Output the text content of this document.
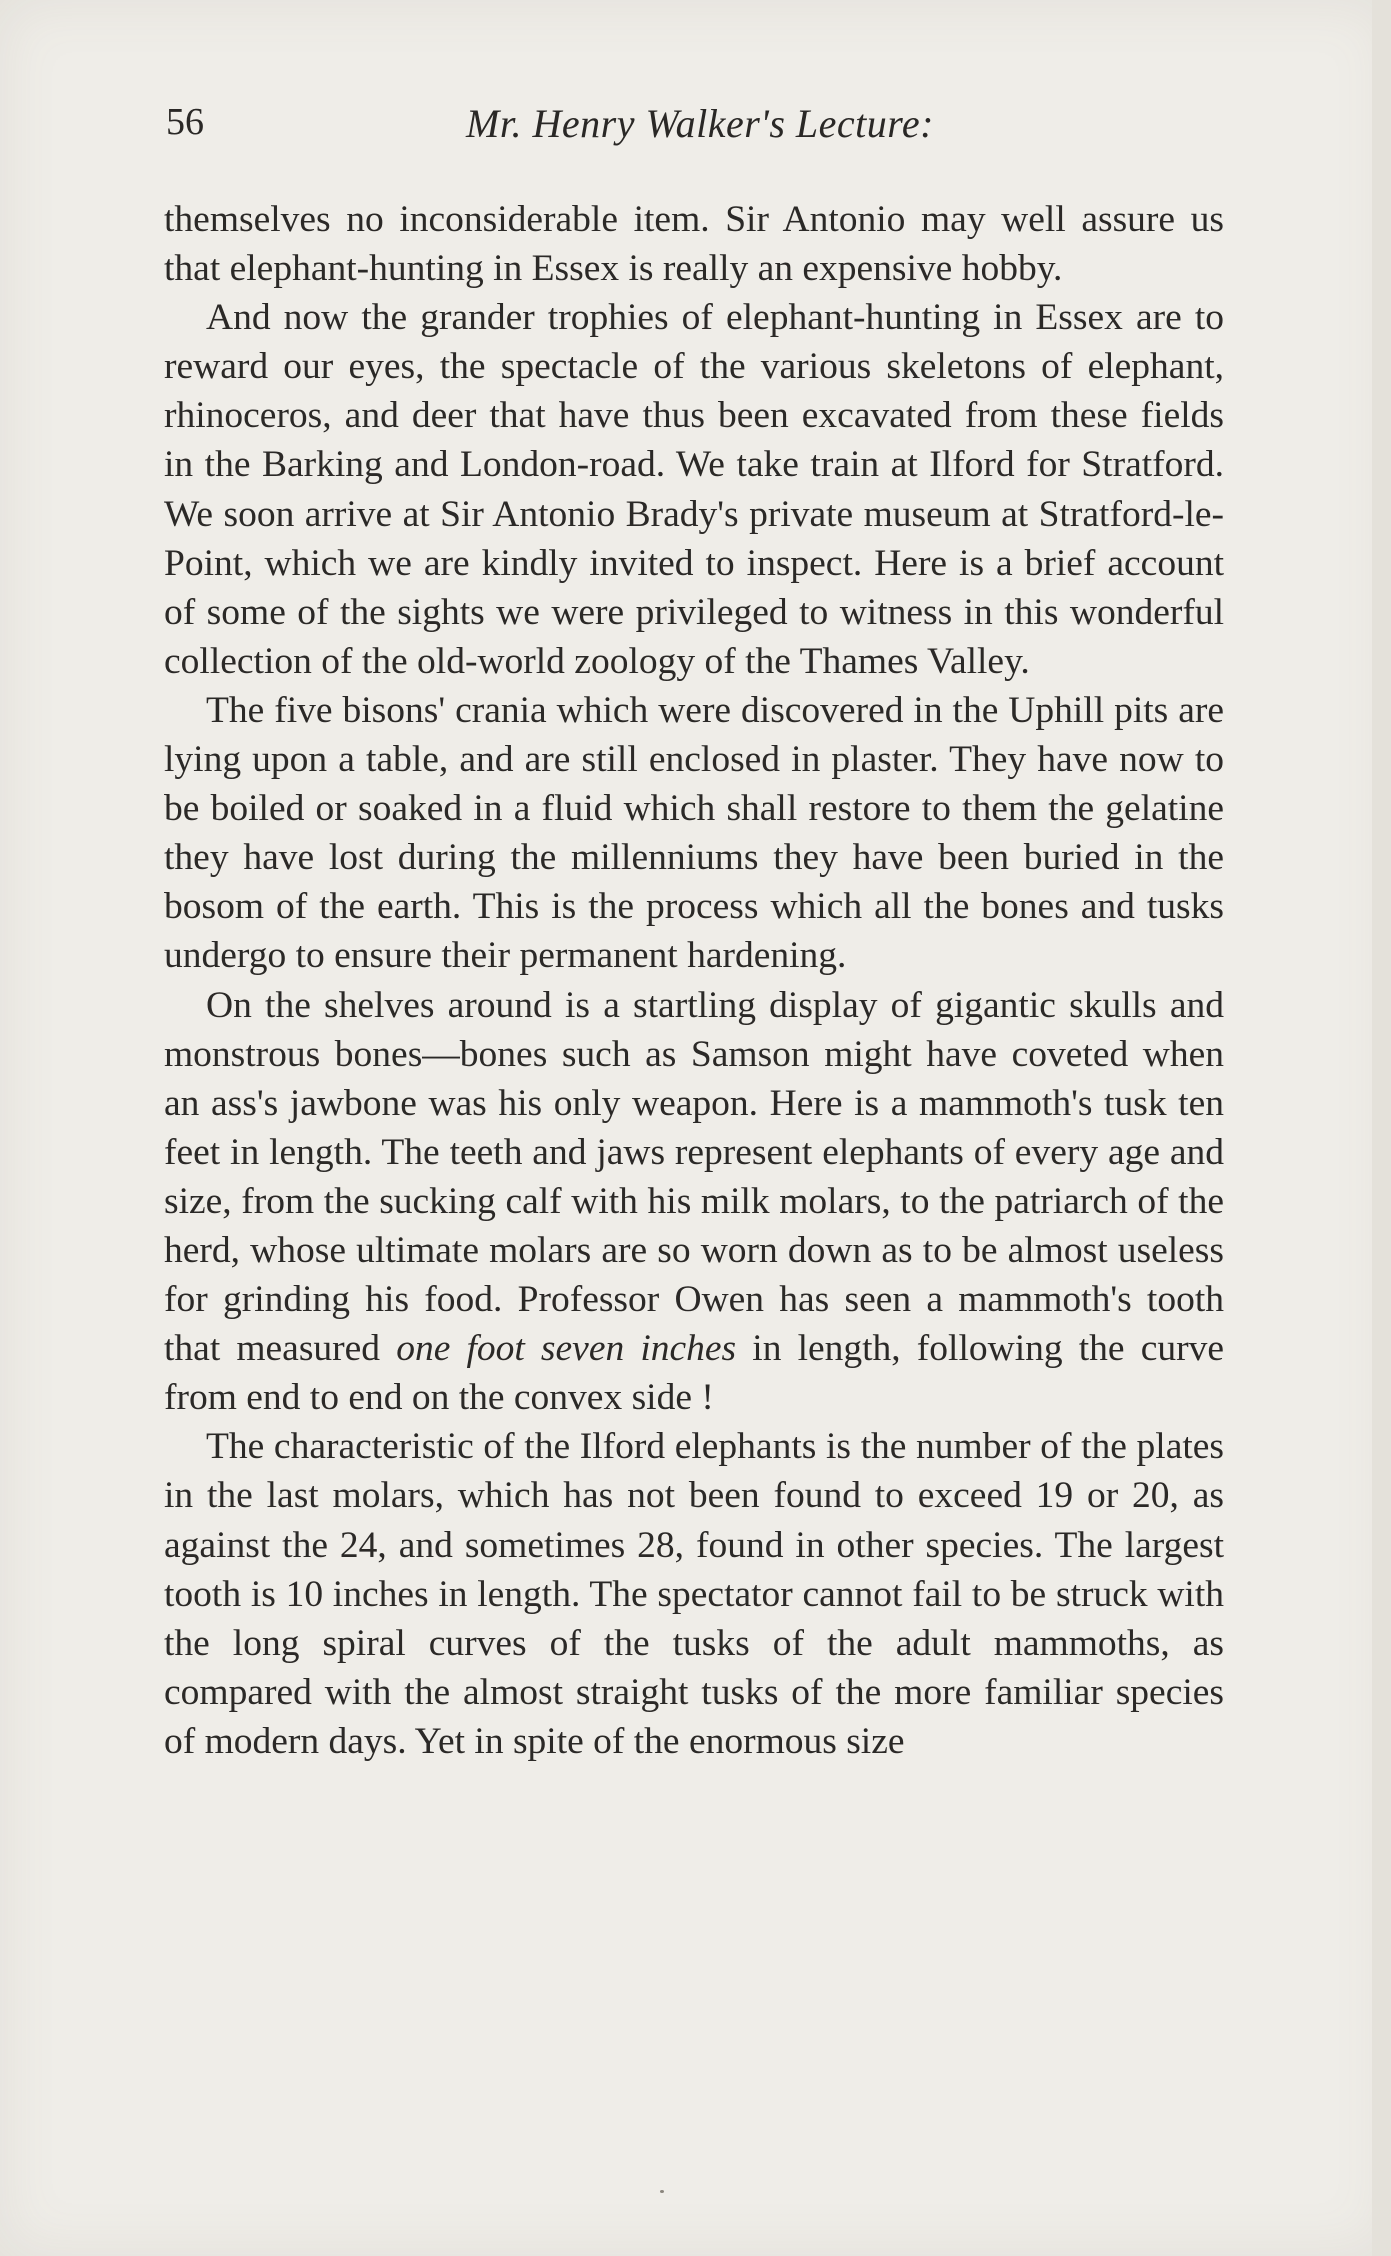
56	Mr. Henry Walker's Lecture:

themselves no inconsiderable item. Sir Antonio may well assure us that elephant-hunting in Essex is really an expensive hobby.

And now the grander trophies of elephant-hunting in Essex are to reward our eyes, the spectacle of the various skeletons of elephant, rhinoceros, and deer that have thus been excavated from these fields in the Barking and London-road. We take train at Ilford for Stratford. We soon arrive at Sir Antonio Brady's private museum at Stratford-le-Point, which we are kindly invited to inspect. Here is a brief account of some of the sights we were privileged to witness in this wonderful collection of the old-world zoology of the Thames Valley.

The five bisons' crania which were discovered in the Uphill pits are lying upon a table, and are still enclosed in plaster. They have now to be boiled or soaked in a fluid which shall restore to them the gelatine they have lost during the millenniums they have been buried in the bosom of the earth. This is the process which all the bones and tusks undergo to ensure their permanent hardening.

On the shelves around is a startling display of gigantic skulls and monstrous bones—bones such as Samson might have coveted when an ass's jawbone was his only weapon. Here is a mammoth's tusk ten feet in length. The teeth and jaws represent elephants of every age and size, from the sucking calf with his milk molars, to the patriarch of the herd, whose ultimate molars are so worn down as to be almost useless for grinding his food. Professor Owen has seen a mammoth's tooth that measured one foot seven inches in length, following the curve from end to end on the convex side !

The characteristic of the Ilford elephants is the number of the plates in the last molars, which has not been found to exceed 19 or 20, as against the 24, and sometimes 28, found in other species. The largest tooth is 10 inches in length. The spectator cannot fail to be struck with the long spiral curves of the tusks of the adult mammoths, as compared with the almost straight tusks of the more familiar species of modern days. Yet in spite of the enormous size
